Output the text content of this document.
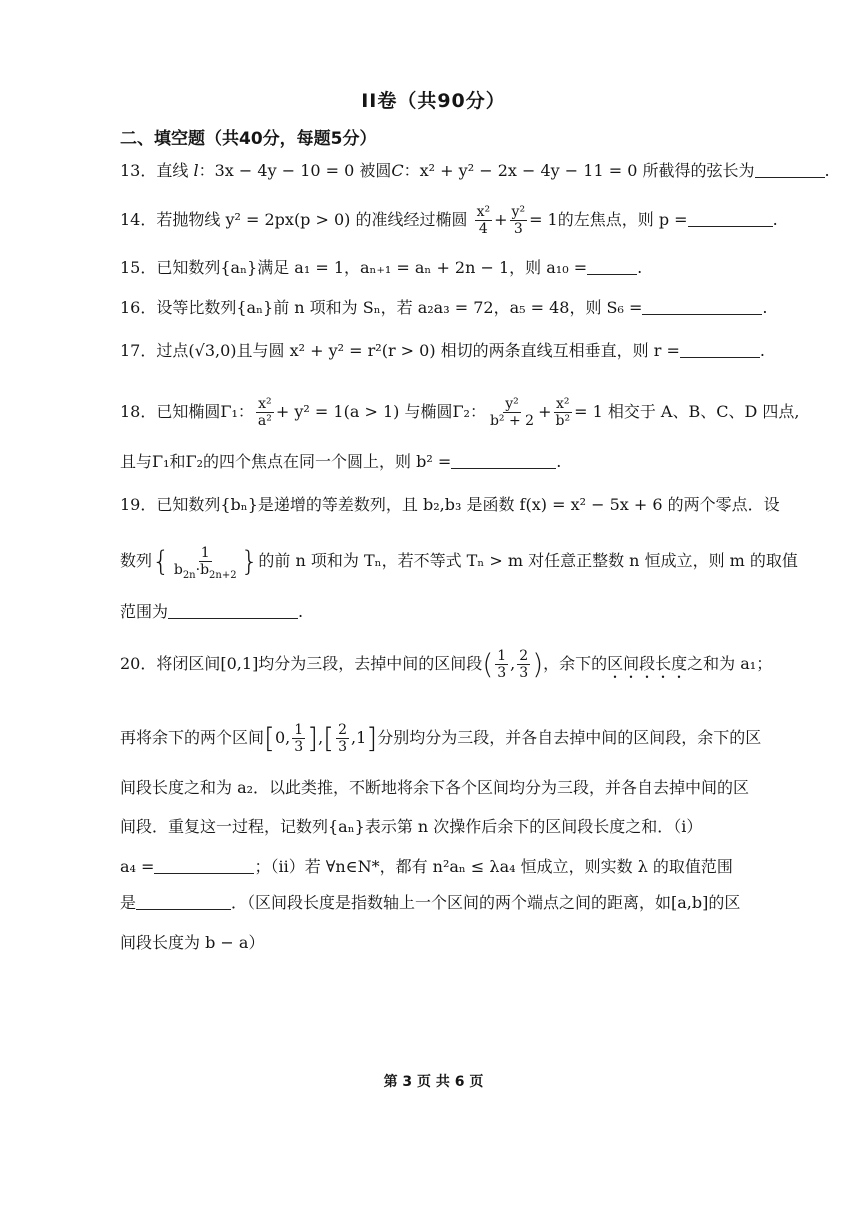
II卷（共90分）
二、填空题（共40分，每题5分）
13．直线 l：3x − 4y − 10 = 0 被圆C：x² + y² − 2x − 4y − 11 = 0 所截得的弦长为	.
14．若抛物线 y² = 2px(p > 0) 的准线经过椭圆 $\frac{\text{x²}}{4} + \frac{\text{y²}}{3} = 1$的左焦点，则 p =	.
15．已知数列{aₙ}满足 a₁ = 1，aₙ₊₁ = aₙ + 2n − 1，则 a₁₀ =	.
16．设等比数列{aₙ}前 n 项和为 Sₙ，若 a₂a₃ = 72，a₅ = 48，则 S₆ =	.
17．过点(√3,0)且与圆 x² + y² = r²(r > 0) 相切的两条直线互相垂直，则 r =	.
18．已知椭圆Γ₁： $\frac{\text{x²}}{\text{a²}} + y^2 = 1(a > 1)$ 与椭圆Γ₂： $\frac{\text{y²}}{\text{b² + 2}} + \frac{\text{x²}}{\text{b²}} = 1$ 相交于 A、B、C、D 四点,
且与Γ₁和Γ₂的四个焦点在同一个圆上，则 b² =	.
19．已知数列{bₙ}是递增的等差数列，且 b₂,b₃ 是函数 f(x) = x² − 5x + 6 的两个零点．设
数列{ $\frac{1}{b_{2n}\cdot b_{2n+2}}$ }的前 n 项和为 Tₙ，若不等式 Tₙ > m 对任意正整数 n 恒成立，则 m 的取值
范围为	.
20．将闭区间[0,1]均分为三段，去掉中间的区间段( $\frac{1}{3}$ , $\frac{2}{3}$ )，余下的区间段长度之和为 a₁；
再将余下的两个区间[0, $\frac{1}{3}$ ],[ $\frac{2}{3} ,1$]分别均分为三段，并各自去掉中间的区间段，余下的区
间段长度之和为 a₂．以此类推，不断地将余下各个区间均分为三段，并各自去掉中间的区
间段．重复这一过程，记数列{aₙ}表示第 n 次操作后余下的区间段长度之和．（i）
a₄ =	；（ii）若 ∀n∈N*，都有 n²aₙ ≤ λa₄ 恒成立，则实数 λ 的取值范围
是	．（区间段长度是指数轴上一个区间的两个端点之间的距离，如[a,b]的区
间段长度为 b − a）
第 3 页 共 6 页
